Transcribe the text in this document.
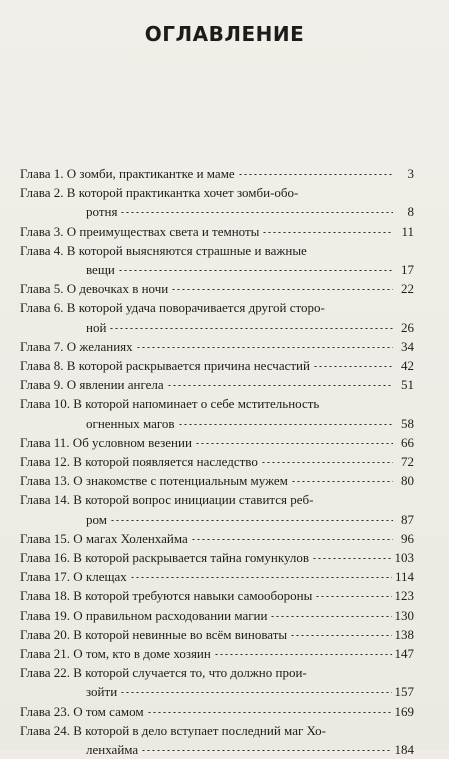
ОГЛАВЛЕНИЕ
Глава 1. О зомби, практикантке и маме	3
Глава 2. В которой практикантка хочет зомби-обо-
ротня	8
Глава 3. О преимуществах света и темноты	11
Глава 4. В которой выясняются страшные и важные
вещи	17
Глава 5. О девочках в ночи	22
Глава 6. В которой удача поворачивается другой сторо-
ной	26
Глава 7. О желаниях	34
Глава 8. В которой раскрывается причина несчастий	42
Глава 9. О явлении ангела	51
Глава 10. В которой напоминает о себе мстительность
огненных магов	58
Глава 11. Об условном везении	66
Глава 12. В которой появляется наследство	72
Глава 13. О знакомстве с потенциальным мужем	80
Глава 14. В которой вопрос инициации ставится реб-
ром	87
Глава 15. О магах Холенхайма	96
Глава 16. В которой раскрывается тайна гомункулов	103
Глава 17. О клещах	114
Глава 18. В которой требуются навыки самообороны	123
Глава 19. О правильном расходовании магии	130
Глава 20. В которой невинные во всём виноваты	138
Глава 21. О том, кто в доме хозяин	147
Глава 22. В которой случается то, что должно прои-
зойти	157
Глава 23. О том самом	169
Глава 24. В которой в дело вступает последний маг Хо-
ленхайма	184
